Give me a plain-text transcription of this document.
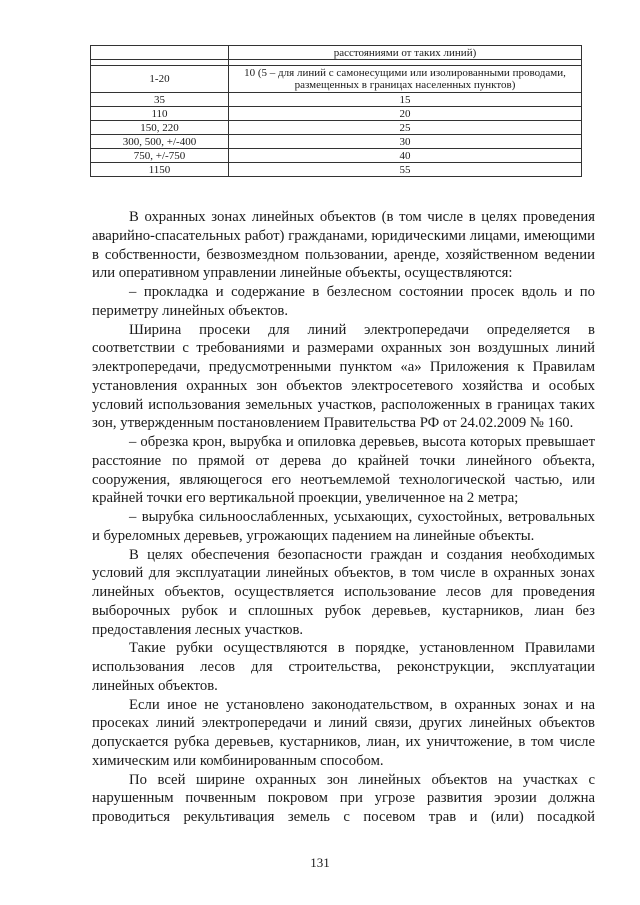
	расстояниями от таких линий)

1-20	10 (5 – для линий с самонесущими или изолированными проводами, размещенных в границах населенных пунктов)
35	15
110	20
150, 220	25
300, 500, +/-400	30
750, +/-750	40
1150	55

В охранных зонах линейных объектов (в том числе в целях проведения аварийно-спасательных работ) гражданами, юридическими лицами, имеющими в собственности, безвозмездном пользовании, аренде, хозяйственном ведении или оперативном управлении линейные объекты, осуществляются:

– прокладка и содержание в безлесном состоянии просек вдоль и по периметру линейных объектов.

Ширина просеки для линий электропередачи определяется в соответствии с требованиями и размерами охранных зон воздушных линий электропередачи, предусмотренными пунктом «а» Приложения к Правилам установления охранных зон объектов электросетевого хозяйства и особых условий использования земельных участков, расположенных в границах таких зон, утвержденным постановлением Правительства РФ от 24.02.2009 № 160.

– обрезка крон, вырубка и опиловка деревьев, высота которых превышает расстояние по прямой от дерева до крайней точки линейного объекта, сооружения, являющегося его неотъемлемой технологической частью, или крайней точки его вертикальной проекции, увеличенное на 2 метра;

– вырубка сильноослабленных, усыхающих, сухостойных, ветровальных и буреломных деревьев, угрожающих падением на линейные объекты.

В целях обеспечения безопасности граждан и создания необходимых условий для эксплуатации линейных объектов, в том числе в охранных зонах линейных объектов, осуществляется использование лесов для проведения выборочных рубок и сплошных рубок деревьев, кустарников, лиан без предоставления лесных участков.

Такие рубки осуществляются в порядке, установленном Правилами использования лесов для строительства, реконструкции, эксплуатации линейных объектов.

Если иное не установлено законодательством, в охранных зонах и на просеках линий электропередачи и линий связи, других линейных объектов допускается рубка деревьев, кустарников, лиан, их уничтожение, в том числе химическим или комбинированным способом.

По всей ширине охранных зон линейных объектов на участках с нарушенным почвенным покровом при угрозе развития эрозии должна проводиться рекультивация земель с посевом трав и (или) посадкой

131
